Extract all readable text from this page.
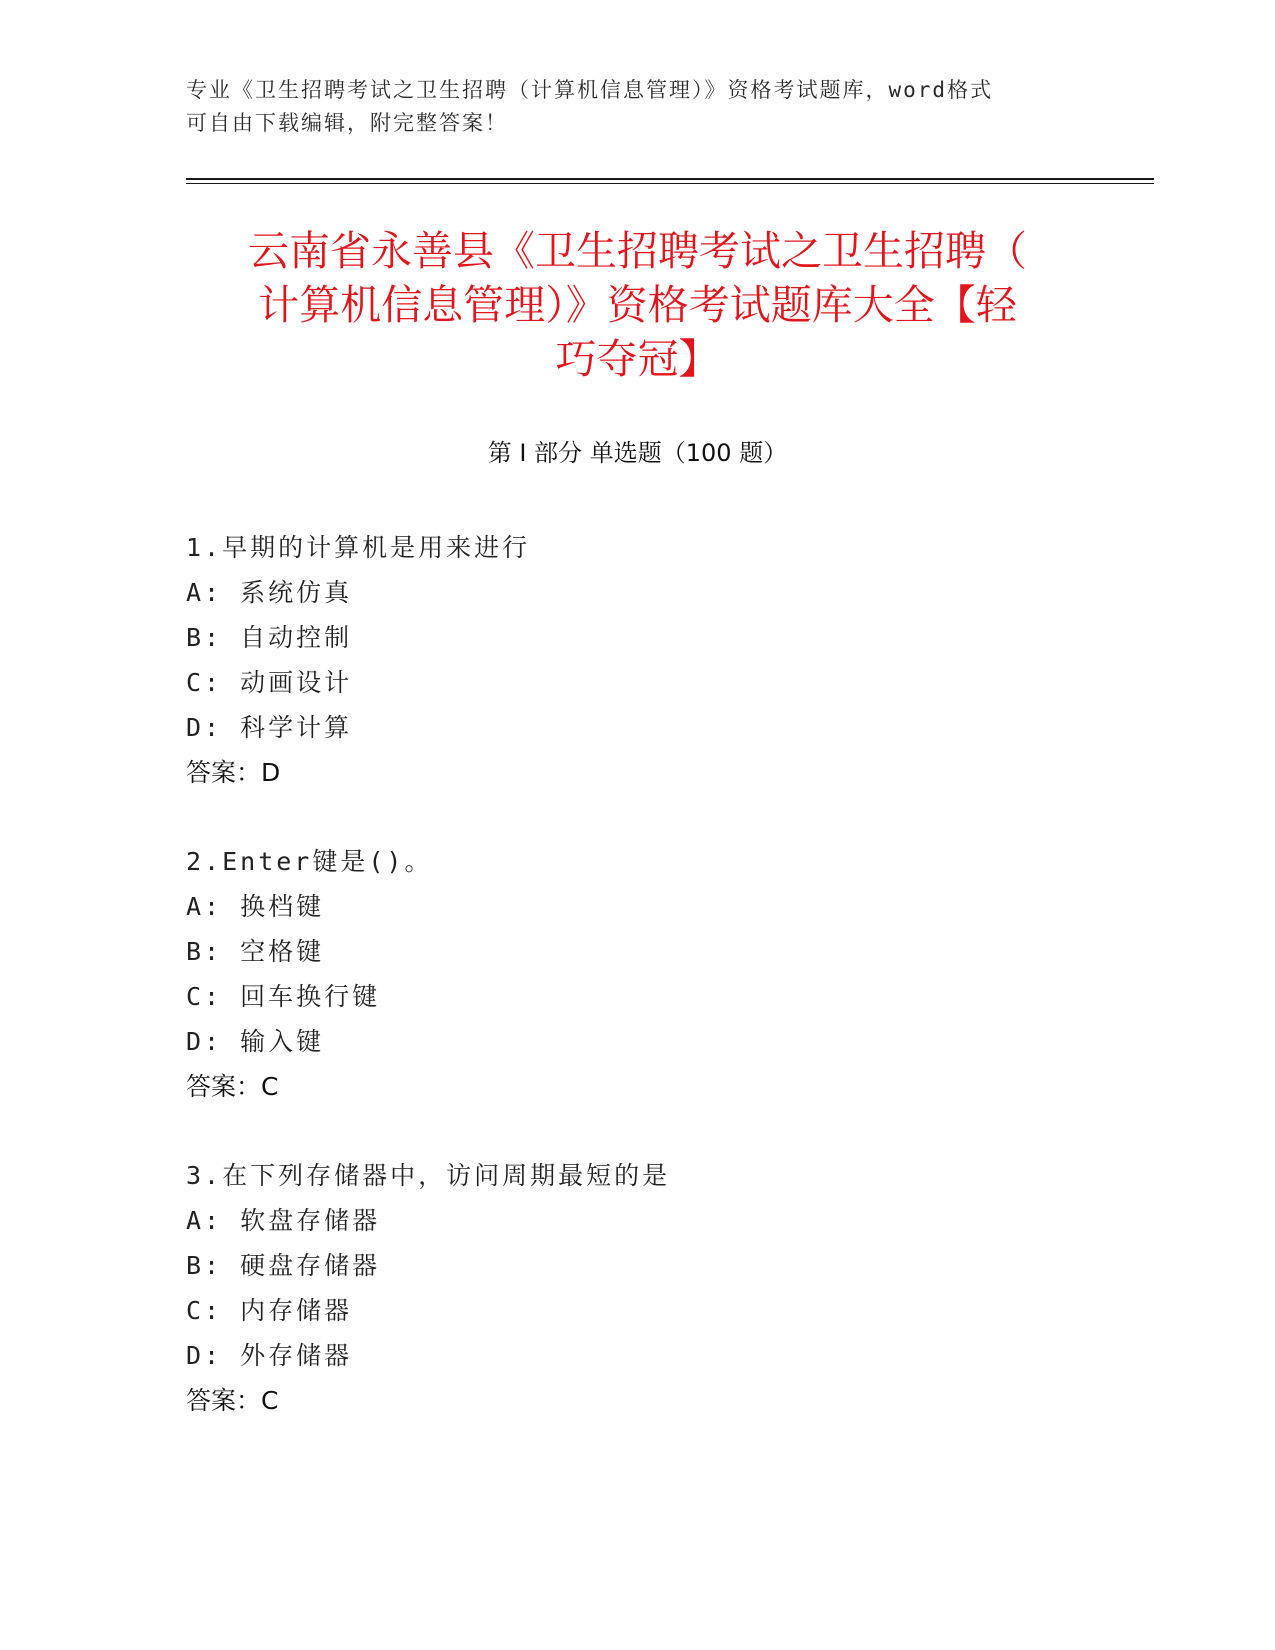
专业《卫生招聘考试之卫生招聘（计算机信息管理）》资格考试题库，word格式

可自由下载编辑，附完整答案！

云南省永善县《卫生招聘考试之卫生招聘（
计算机信息管理）》资格考试题库大全【轻
巧夺冠】
第 I 部分 单选题（100 题）
1.早期的计算机是用来进行
A: 系统仿真
B: 自动控制
C: 动画设计
D: 科学计算
答案：D
2.Enter键是()。
A: 换档键
B: 空格键
C: 回车换行键
D: 输入键
答案：C
3.在下列存储器中，访问周期最短的是
A: 软盘存储器
B: 硬盘存储器
C: 内存储器
D: 外存储器
答案：C
